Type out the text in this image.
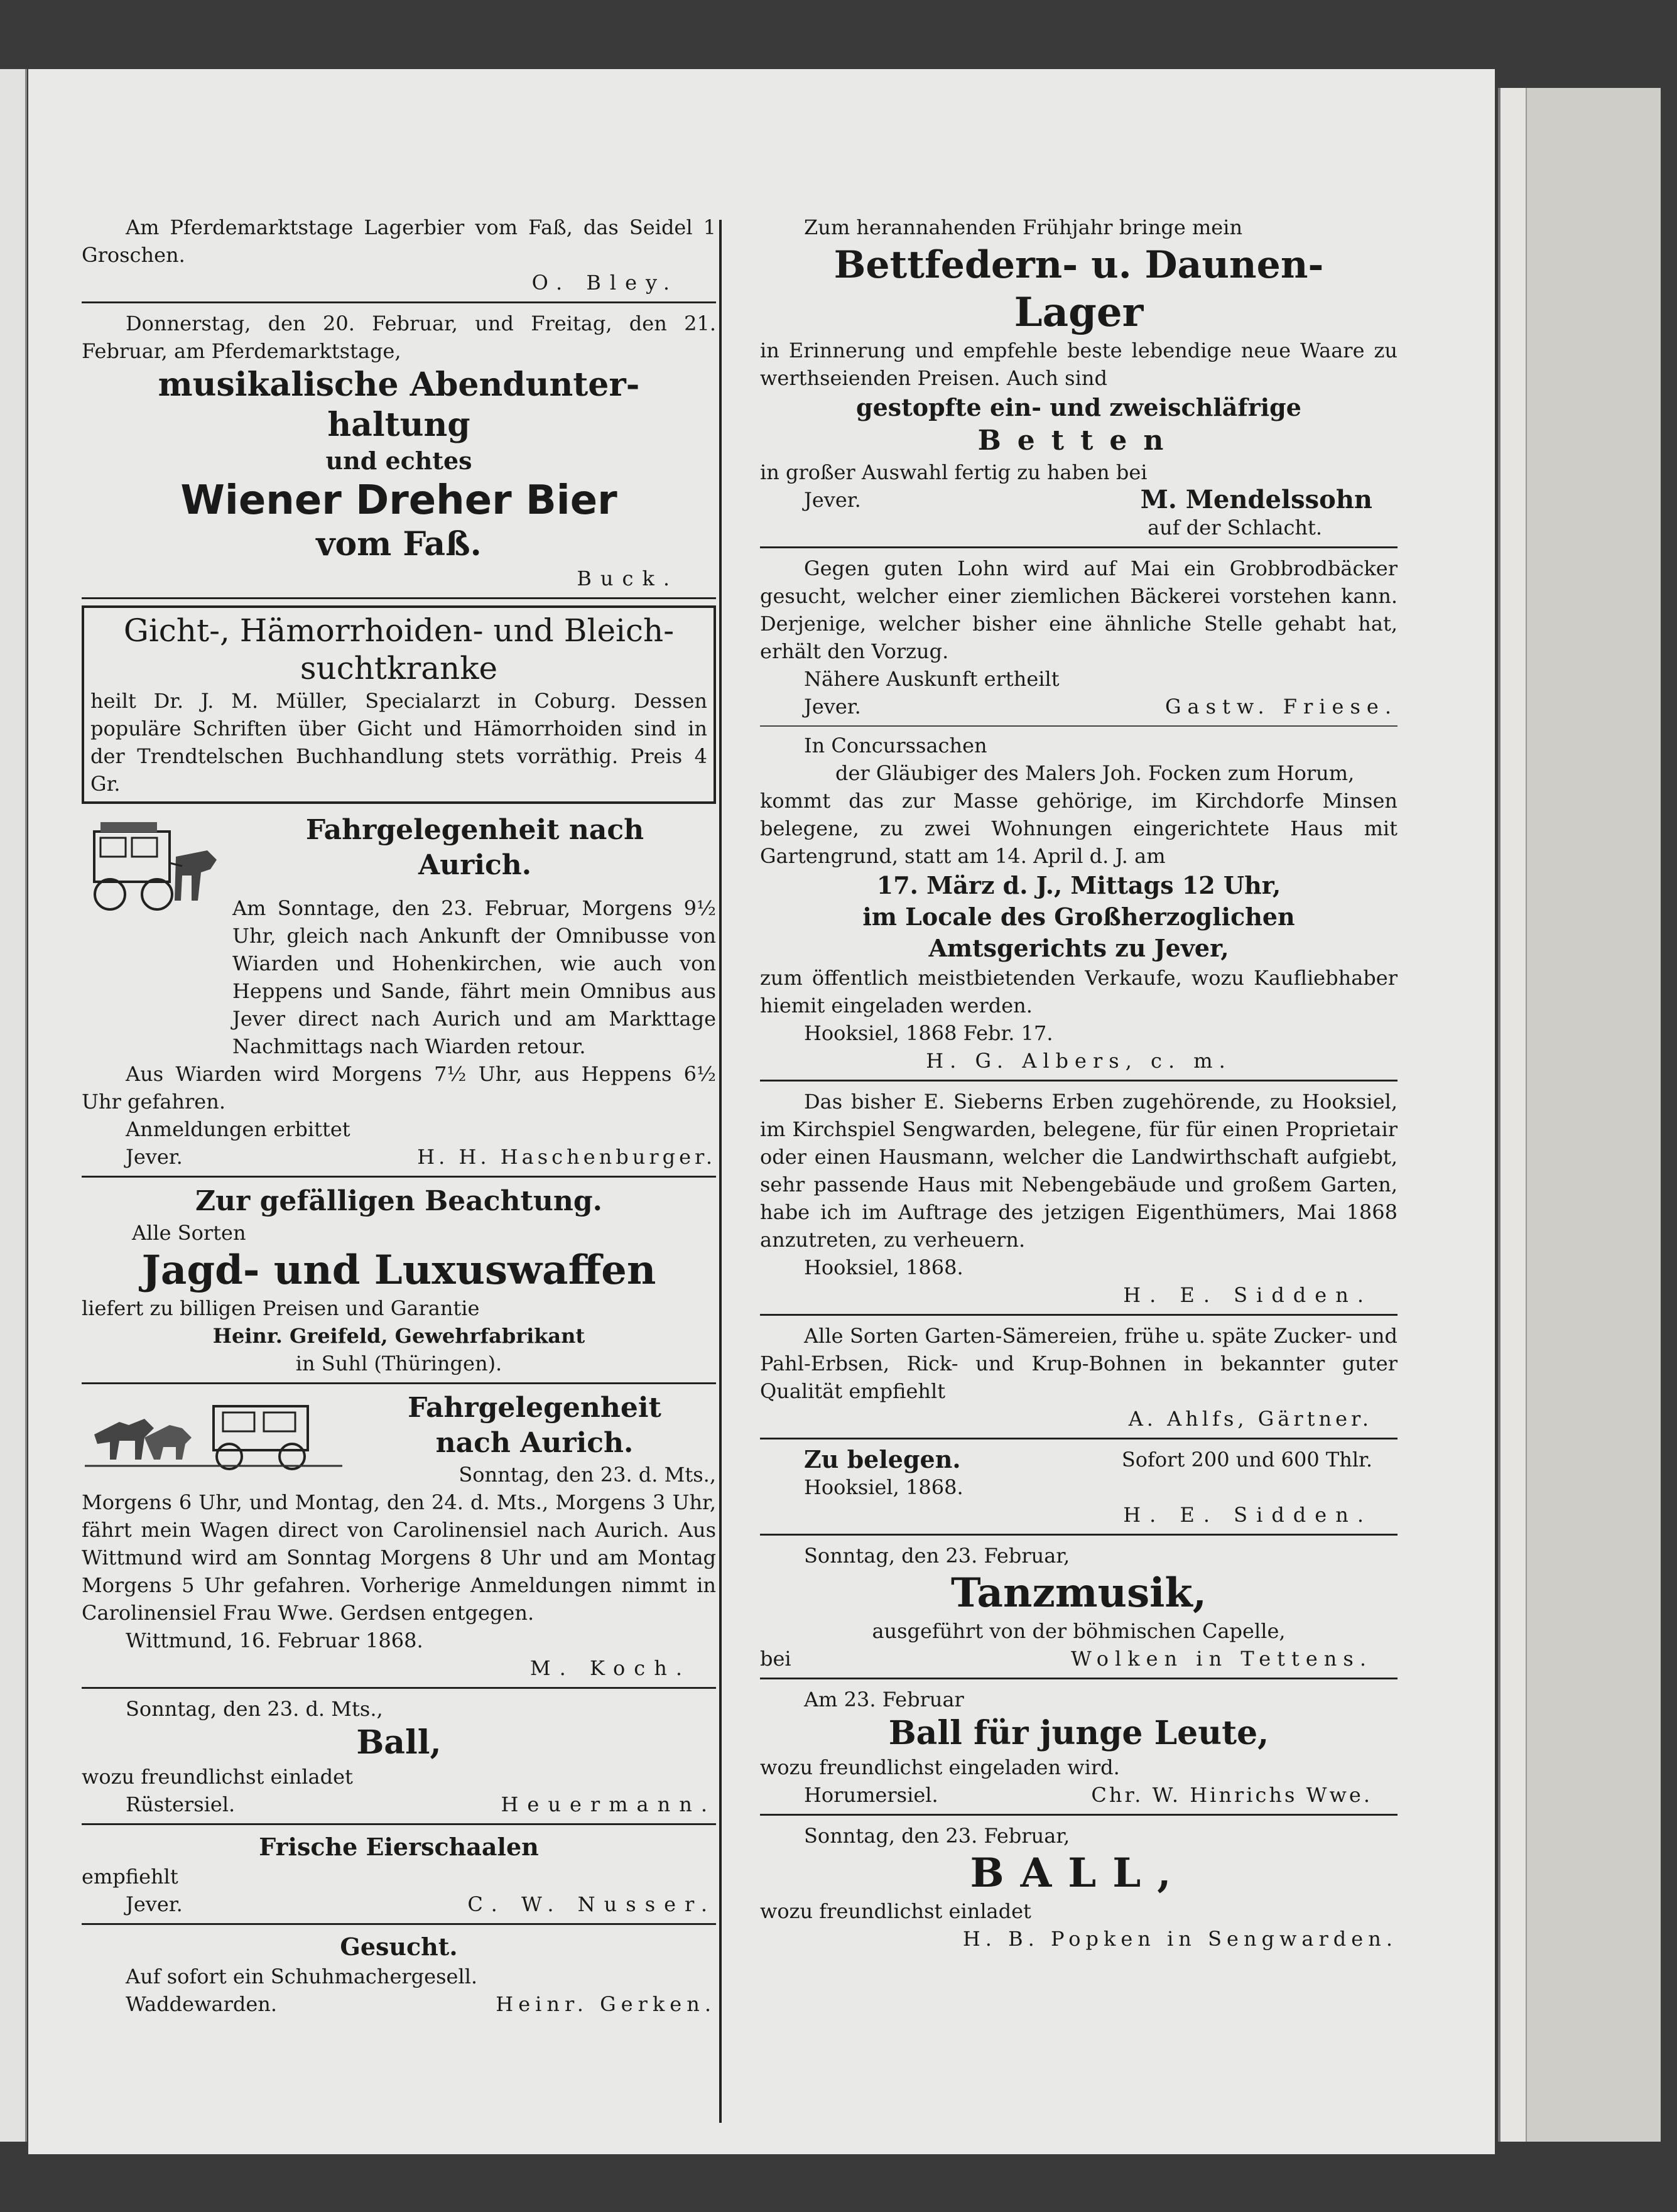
Am Pferdemarktstage Lagerbier vom Faß, das Seidel 1 Groschen.

O. Bley.

Donnerstag, den 20. Februar, und Freitag, den 21. Februar, am Pferdemarktstage,

musikalische Abendunter-

haltung

und echtes

Wiener Dreher Bier

vom Faß.

Buck.

Gicht-, Hämorrhoiden- und Bleich-

suchtkranke

heilt Dr. J. M. Müller, Specialarzt in Coburg. Dessen populäre Schriften über Gicht und Hämorrhoiden sind in der Trendtelschen Buchhandlung stets vorräthig. Preis 4 Gr.

Fahrgelegenheit nach

Aurich.

Am Sonntage, den 23. Februar, Morgens 9½ Uhr, gleich nach Ankunft der Omnibusse von Wiarden und Hohenkirchen, wie auch von Heppens und Sande, fährt mein Omnibus aus Jever direct nach Aurich und am Markttage Nachmittags nach Wiarden retour.

Aus Wiarden wird Morgens 7½ Uhr, aus Heppens 6½ Uhr gefahren.

Anmeldungen erbittet

Jever.	H. H. Haschenburger.

Zur gefälligen Beachtung.

Alle Sorten

Jagd- und Luxuswaffen

liefert zu billigen Preisen und Garantie

Heinr. Greifeld, Gewehrfabrikant

in Suhl (Thüringen).

Fahrgelegenheit

nach Aurich.

Sonntag, den 23. d. Mts.,

Morgens 6 Uhr, und Montag, den 24. d. Mts., Morgens 3 Uhr, fährt mein Wagen direct von Carolinensiel nach Aurich. Aus Wittmund wird am Sonntag Morgens 8 Uhr und am Montag Morgens 5 Uhr gefahren. Vorherige Anmeldungen nimmt in Carolinensiel Frau Wwe. Gerdsen entgegen.

Wittmund, 16. Februar 1868.

M. Koch.

Sonntag, den 23. d. Mts.,

Ball,

wozu freundlichst einladet

Rüstersiel.	Heuermann.

Frische Eierschaalen

empfiehlt

Jever.	C. W. Nusser.

Gesucht.

Auf sofort ein Schuhmachergesell.

Waddewarden.	Heinr. Gerken.

Zum herannahenden Frühjahr bringe mein

Bettfedern- u. Daunen-

Lager

in Erinnerung und empfehle beste lebendige neue Waare zu werthseienden Preisen. Auch sind

gestopfte ein- und zweischläfrige

Betten

in großer Auswahl fertig zu haben bei

Jever.	M. Mendelssohn

auf der Schlacht.

Gegen guten Lohn wird auf Mai ein Grobbrodbäcker gesucht, welcher einer ziemlichen Bäckerei vorstehen kann. Derjenige, welcher bisher eine ähnliche Stelle gehabt hat, erhält den Vorzug.

Nähere Auskunft ertheilt

Jever.	Gastw. Friese.

In Concurssachen

der Gläubiger des Malers Joh. Focken zum Horum,

kommt das zur Masse gehörige, im Kirchdorfe Minsen belegene, zu zwei Wohnungen eingerichtete Haus mit Gartengrund, statt am 14. April d. J. am

17. März d. J., Mittags 12 Uhr,

im Locale des Großherzoglichen

Amtsgerichts zu Jever,

zum öffentlich meistbietenden Verkaufe, wozu Kaufliebhaber hiemit eingeladen werden.

Hooksiel, 1868 Febr. 17.

H. G. Albers, c. m.

Das bisher E. Sieberns Erben zugehörende, zu Hooksiel, im Kirchspiel Sengwarden, belegene, für für einen Proprietair oder einen Hausmann, welcher die Landwirthschaft aufgiebt, sehr passende Haus mit Nebengebäude und großem Garten, habe ich im Auftrage des jetzigen Eigenthümers, Mai 1868 anzutreten, zu verheuern.

Hooksiel, 1868.

H. E. Sidden.

Alle Sorten Garten-Sämereien, frühe u. späte Zucker- und Pahl-Erbsen, Rick- und Krup-Bohnen in bekannter guter Qualität empfiehlt

A. Ahlfs, Gärtner.

Zu belegen.	Sofort 200 und 600 Thlr.

Hooksiel, 1868.

H. E. Sidden.

Sonntag, den 23. Februar,

Tanzmusik,

ausgeführt von der böhmischen Capelle,

bei	Wolken in Tettens.

Am 23. Februar

Ball für junge Leute,

wozu freundlichst eingeladen wird.

Horumersiel.	Chr. W. Hinrichs Wwe.

Sonntag, den 23. Februar,

BALL,

wozu freundlichst einladet

H. B. Popken in Sengwarden.
